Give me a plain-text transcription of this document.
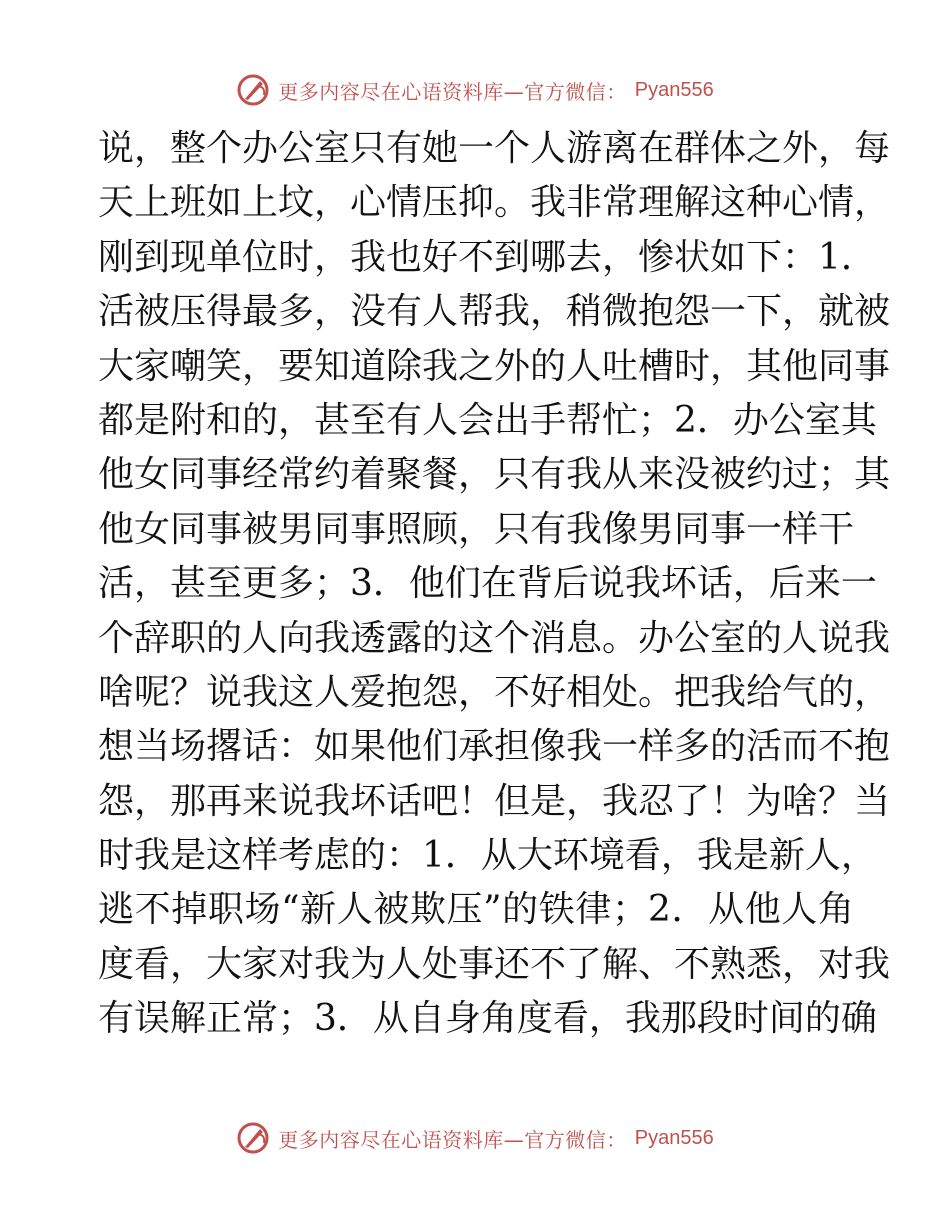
更多内容尽在心语资料库—官方微信： Pyan556
说，整个办公室只有她一个人游离在群体之外，每
天上班如上坟，心情压抑。我非常理解这种心情，
刚到现单位时，我也好不到哪去，惨状如下：1．
活被压得最多，没有人帮我，稍微抱怨一下，就被
大家嘲笑，要知道除我之外的人吐槽时，其他同事
都是附和的，甚至有人会出手帮忙；2．办公室其
他女同事经常约着聚餐，只有我从来没被约过；其
他女同事被男同事照顾，只有我像男同事一样干
活，甚至更多；3．他们在背后说我坏话，后来一
个辞职的人向我透露的这个消息。办公室的人说我
啥呢？说我这人爱抱怨，不好相处。把我给气的，
想当场撂话：如果他们承担像我一样多的活而不抱
怨，那再来说我坏话吧！但是，我忍了！为啥？当
时我是这样考虑的：1．从大环境看，我是新人，
逃不掉职场“新人被欺压”的铁律；2．从他人角
度看，大家对我为人处事还不了解、不熟悉，对我
有误解正常；3．从自身角度看，我那段时间的确
更多内容尽在心语资料库—官方微信： Pyan556
